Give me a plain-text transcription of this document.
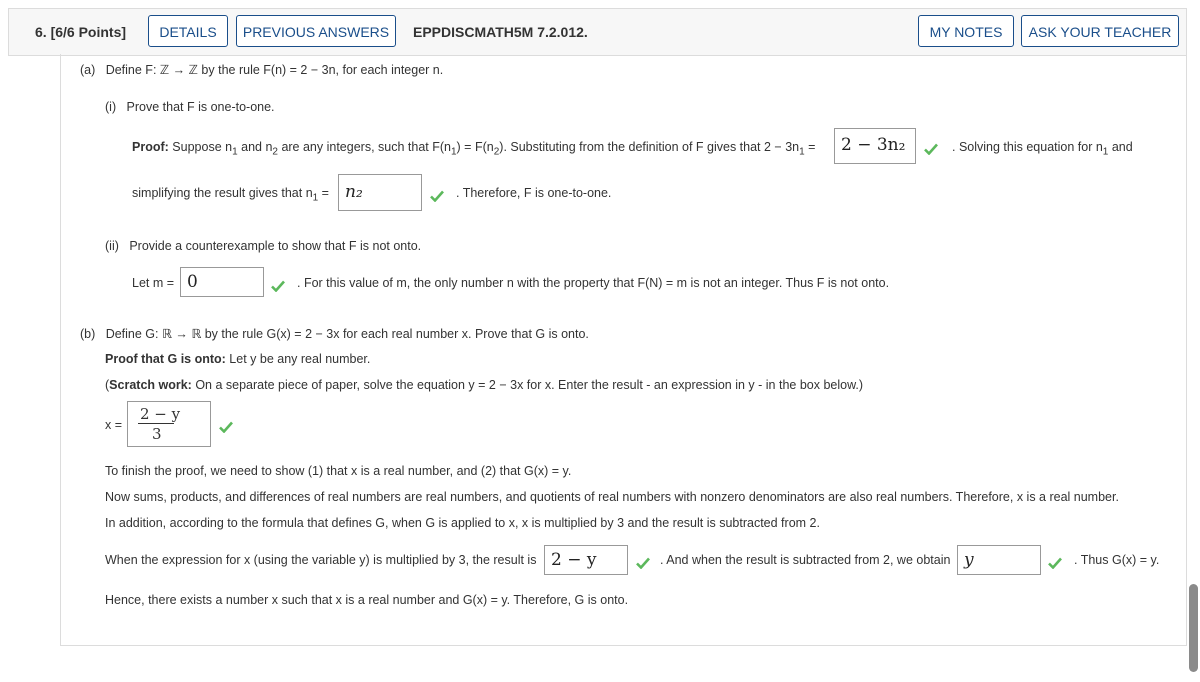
6. [6/6 Points]	DETAILS	PREVIOUS ANSWERS	EPPDISCMATH5M 7.2.012.	MY NOTES	ASK YOUR TEACHER
(a) Define F: ℤ → ℤ by the rule F(n) = 2 − 3n, for each integer n.
(i) Prove that F is one-to-one.
Proof: Suppose $n_1$ and $n_2$ are any integers, such that $F(n_1) = F(n_2)$. Substituting from the definition of F gives that $2 - 3n_1$ =	2 − 3n₂	. Solving this equation for $n_1$ and
simplifying the result gives that $n_1 = n_2$	. Therefore, F is one-to-one.
(ii) Provide a counterexample to show that F is not onto.
Let m = 0	. For this value of m, the only number n with the property that F(N) = m is not an integer. Thus F is not onto.
(b) Define G: ℝ → ℝ by the rule G(x) = 2 − 3x for each real number x. Prove that G is onto.
Proof that G is onto: Let y be any real number.
(Scratch work: On a separate piece of paper, solve the equation y = 2 − 3x for x. Enter the result - an expression in y - in the box below.)
x =
2 − y
3
To finish the proof, we need to show (1) that x is a real number, and (2) that G(x) = y.
Now sums, products, and differences of real numbers are real numbers, and quotients of real numbers with nonzero denominators are also real numbers. Therefore, x is a real number.
In addition, according to the formula that defines G, when G is applied to x, x is multiplied by 3 and the result is subtracted from 2.
When the expression for x (using the variable y) is multiplied by 3, the result is 2 − y	. And when the result is subtracted from 2, we obtain y	. Thus G(x) = y.
Hence, there exists a number x such that x is a real number and G(x) = y. Therefore, G is onto.
